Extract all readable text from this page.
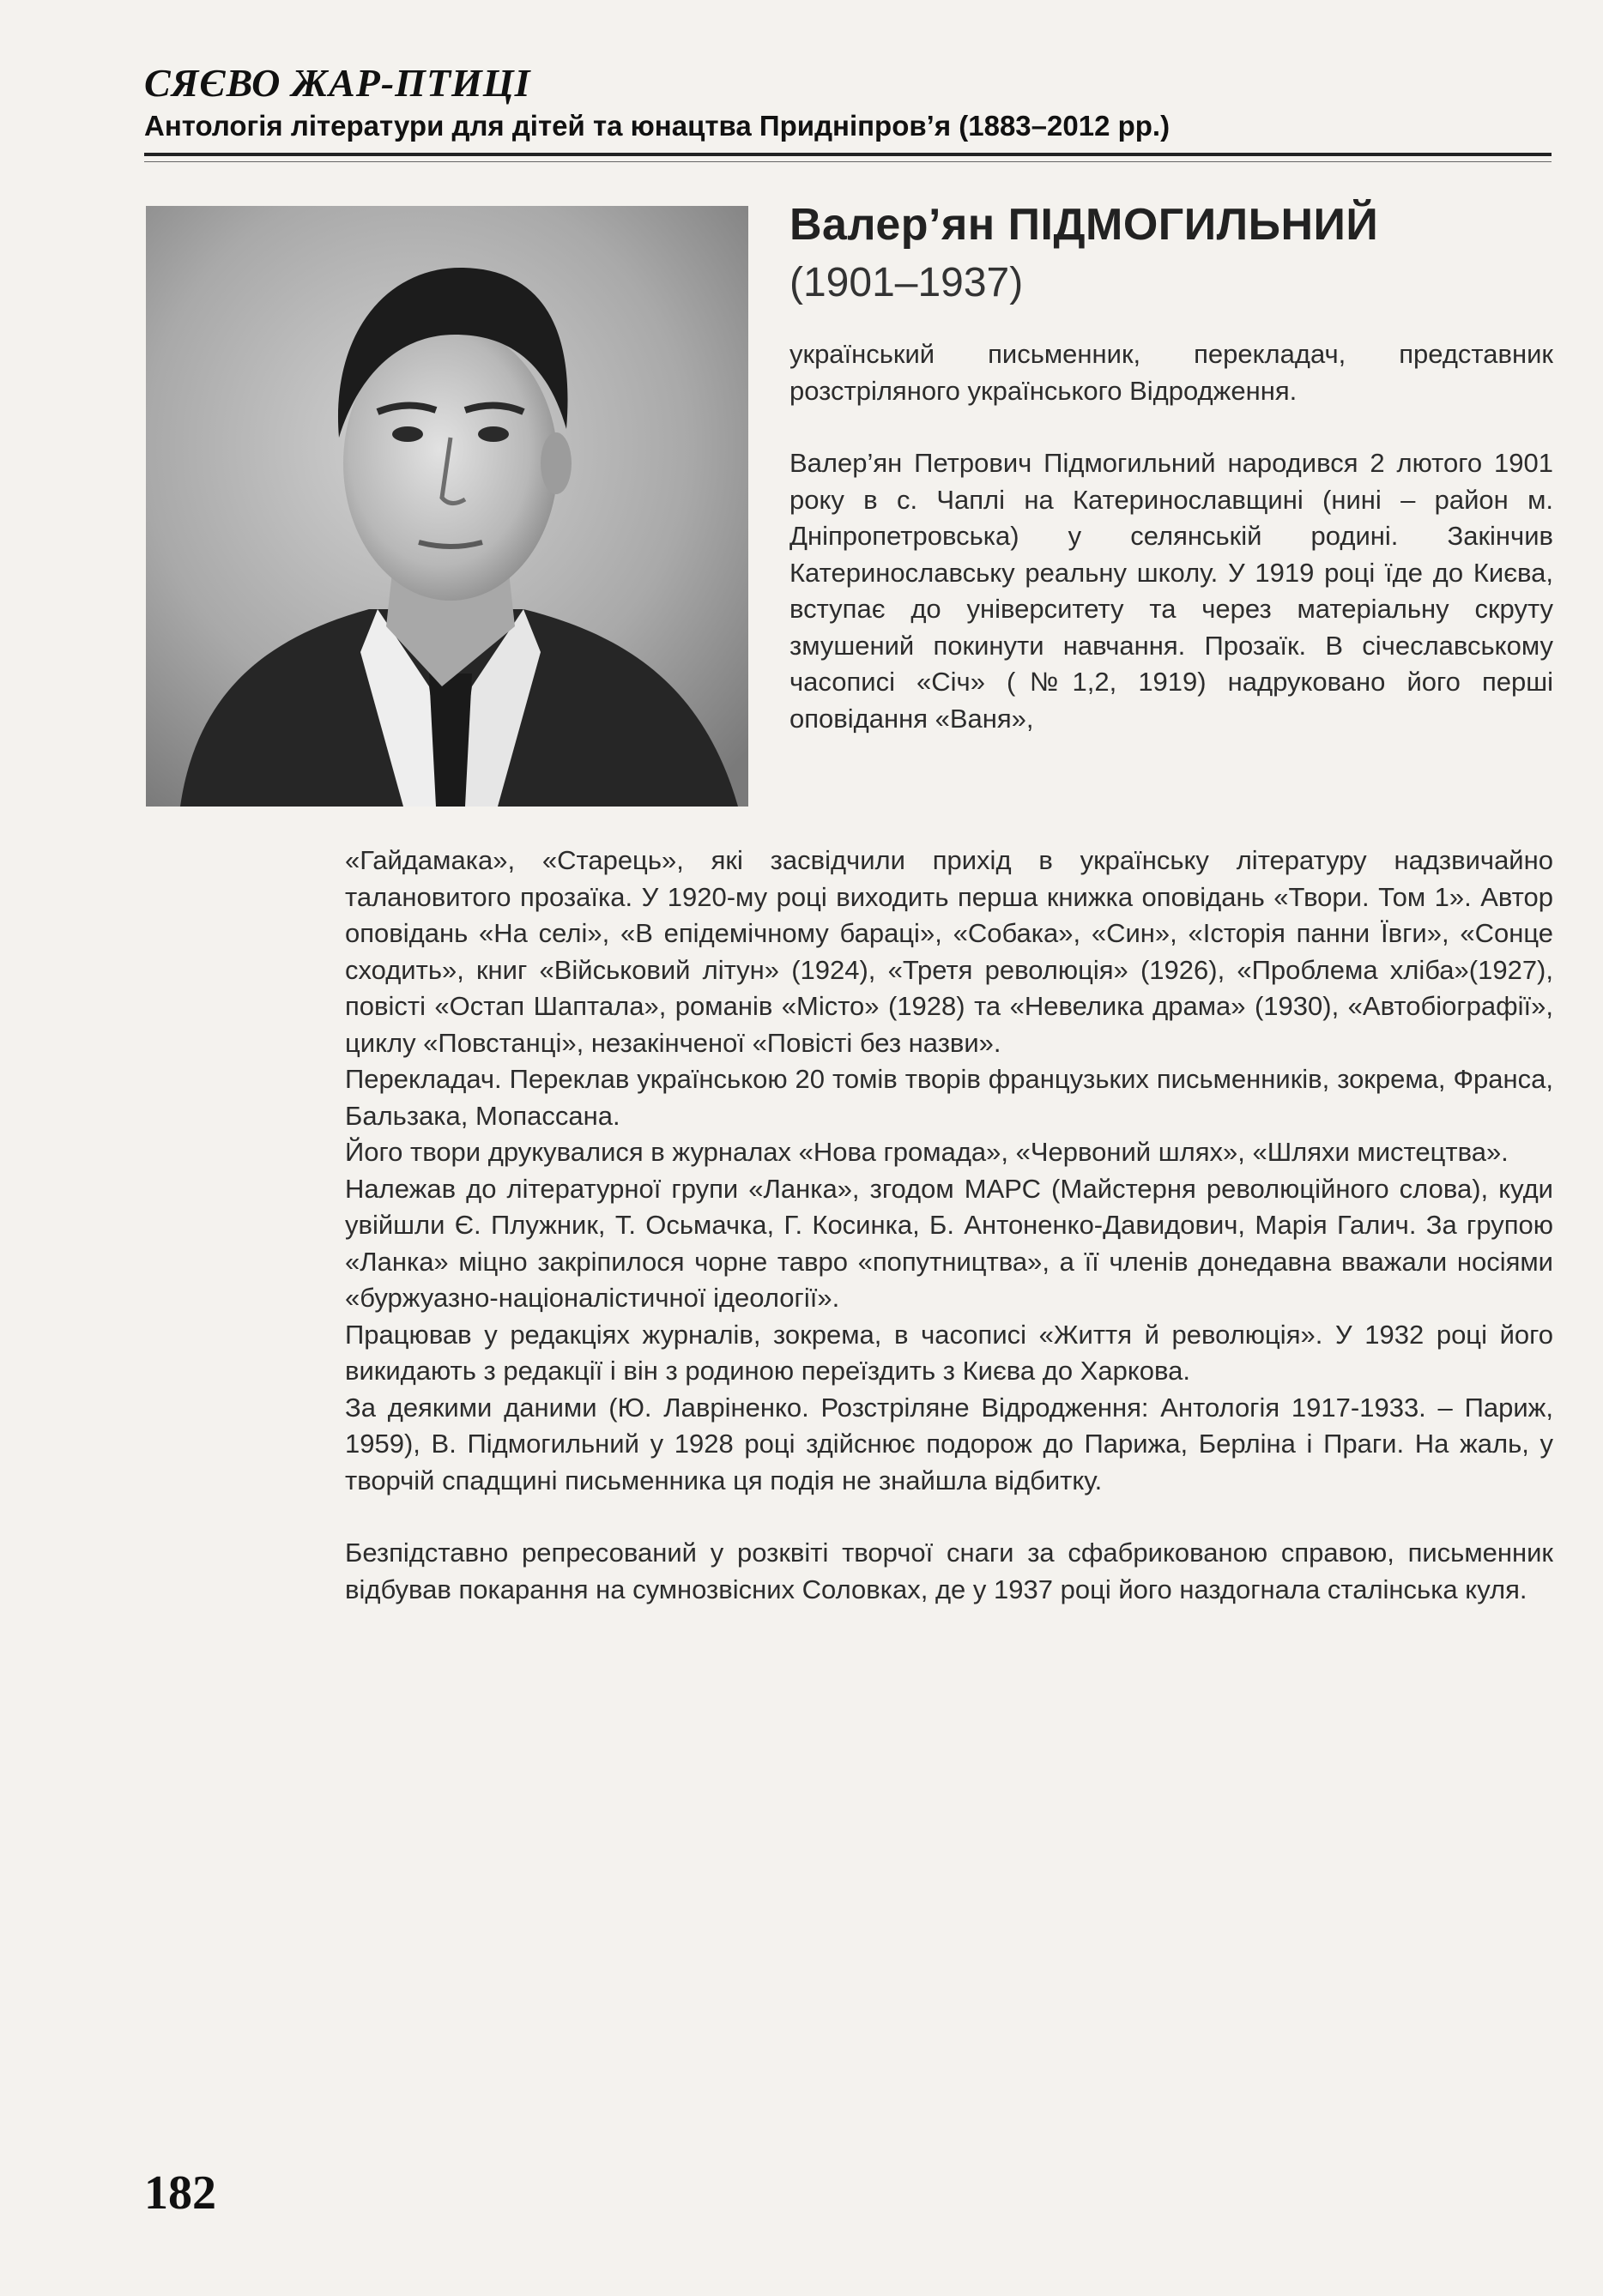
СЯЄВО ЖАР-ПТИЦІ

Антологія літератури для дітей та юнацтва Придніпров’я (1883–2012 рр.)

Валер’ян ПІДМОГИЛЬНИЙ

(1901–1937)

український письменник, перекладач, представник розстріляного українського Відродження.

Валер’ян Петрович Підмогильний народився 2 лютого 1901 року в с. Чаплі на Катеринославщині (нині – район м. Дніпропетровська) у селянській родині. Закінчив Катеринославську реальну школу. У 1919 році їде до Києва, вступає до університету та через матеріальну скруту змушений покинути навчання. Прозаїк. В січеславському часописі «Січ» (№1,2, 1919) надруковано його перші оповідання «Ваня»,

«Гайдамака», «Старець», які засвідчили прихід в українську літературу надзвичайно талановитого прозаїка. У 1920-му році виходить перша книжка оповідань «Твори. Том 1». Автор оповідань «На селі», «В епідемічному бараці», «Собака», «Син», «Історія панни Ївги», «Сонце сходить», книг «Військовий літун» (1924), «Третя революція» (1926), «Проблема хліба»(1927), повісті «Остап Шаптала», романів «Місто» (1928) та «Невелика драма» (1930), «Автобіографії», циклу «Повстанці», незакінченої «Повісті без назви».

Перекладач. Переклав українською 20 томів творів французьких письменників, зокрема, Франса, Бальзака, Мопассана.

Його твори друкувалися в журналах «Нова громада», «Червоний шлях», «Шляхи мистецтва».

Належав до літературної групи «Ланка», згодом МАРС (Майстерня революційного слова), куди увійшли Є. Плужник, Т. Осьмачка, Г. Косинка, Б. Антоненко-Давидович, Марія Галич. За групою «Ланка» міцно закріпилося чорне тавро «попутництва», а її членів донедавна вважали носіями «буржуазно-націоналістичної ідеології».

Працював у редакціях журналів, зокрема, в часописі «Життя й революція». У 1932 році його викидають з редакції і він з родиною переїздить з Києва до Харкова.

За деякими даними (Ю. Лавріненко. Розстріляне Відродження: Антологія 1917-1933. – Париж, 1959), В. Підмогильний у 1928 році здійснює подорож до Парижа, Берліна і Праги. На жаль, у творчій спадщині письменника ця подія не знайшла відбитку.

Безпідставно репресований у розквіті творчої снаги за сфабрикованою справою, письменник відбував покарання на сумнозвісних Соловках, де у 1937 році його наздогнала сталінська куля.

182
